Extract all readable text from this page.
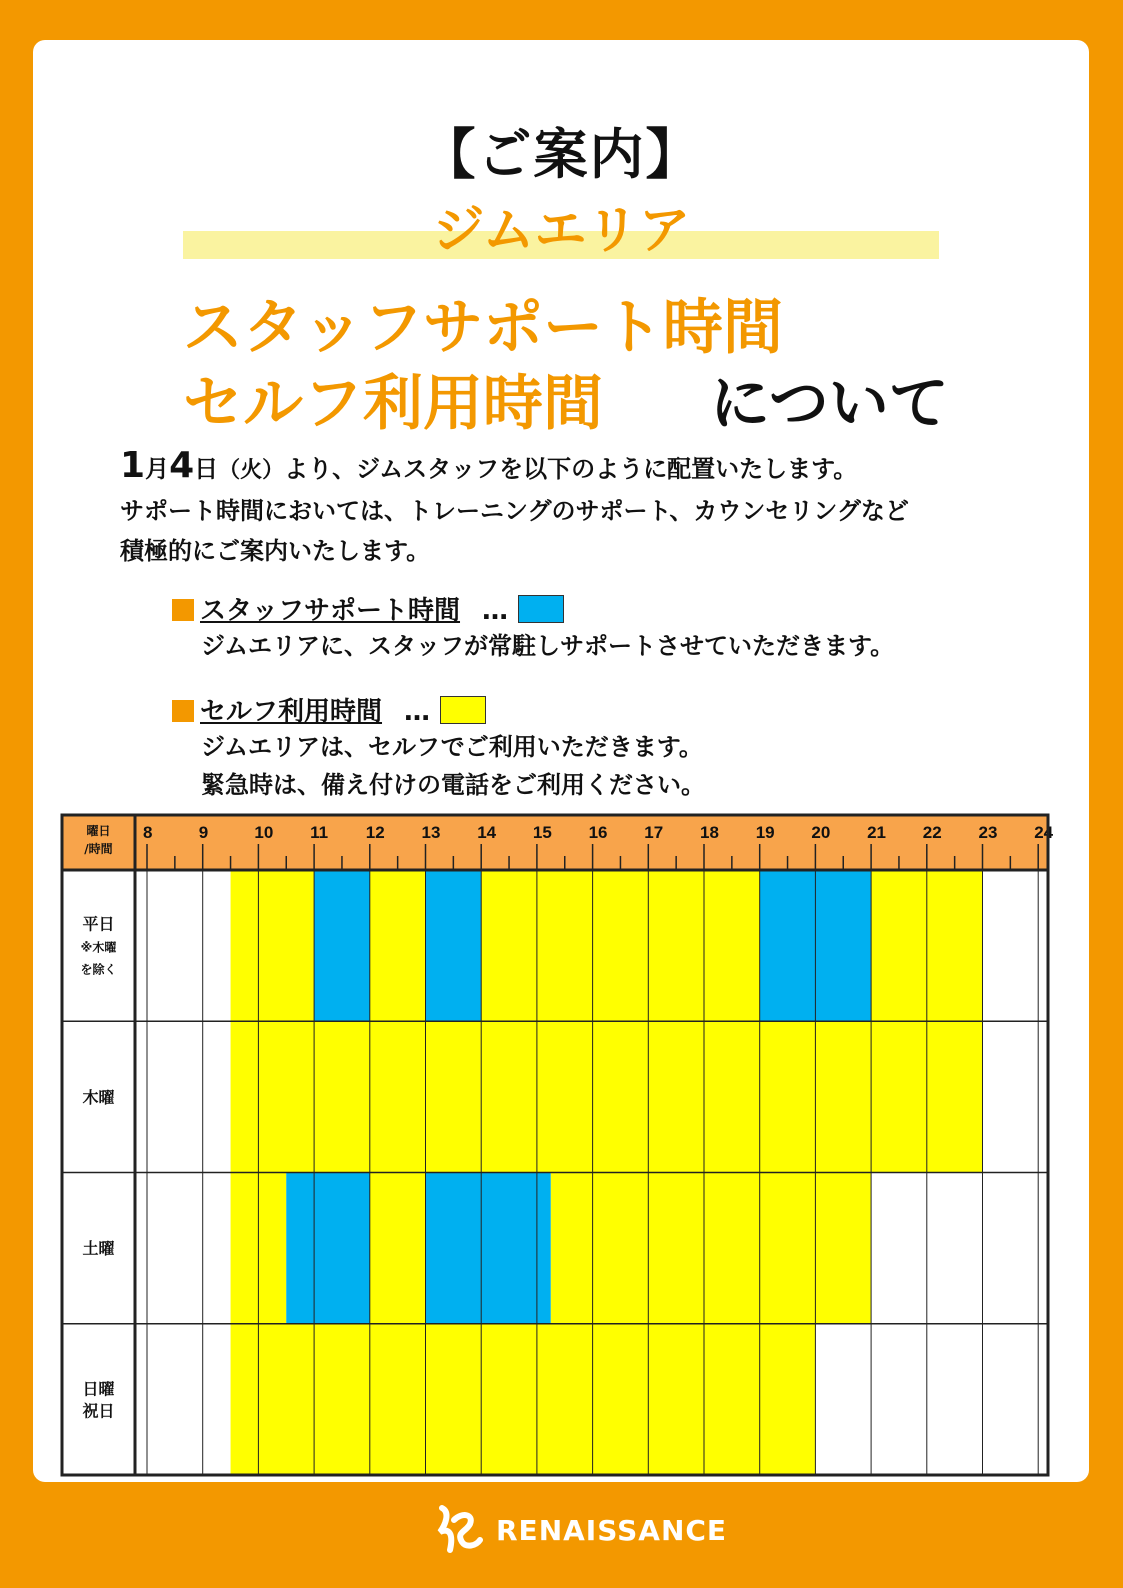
【ご案内】
ジムエリア
スタッフサポート時間
セルフ利用時間 について
1月4日（火）より、ジムスタッフを以下のように配置いたします。
サポート時間においては、トレーニングのサポート、カウンセリングなど
積極的にご案内いたします。
スタッフサポート時間 …
ジムエリアに、スタッフが常駐しサポートさせていただきます。
セルフ利用時間 …
ジムエリアは、セルフでご利用いただきます。
緊急時は、備え付けの電話をご利用ください。
8	9	10 11 12 13 14 15 16 17 18 19 20 21 22 23 24
曜日
/時間
平日
※木曜
を除く
木曜
土曜
日曜
祝日
RENAISSANCE
